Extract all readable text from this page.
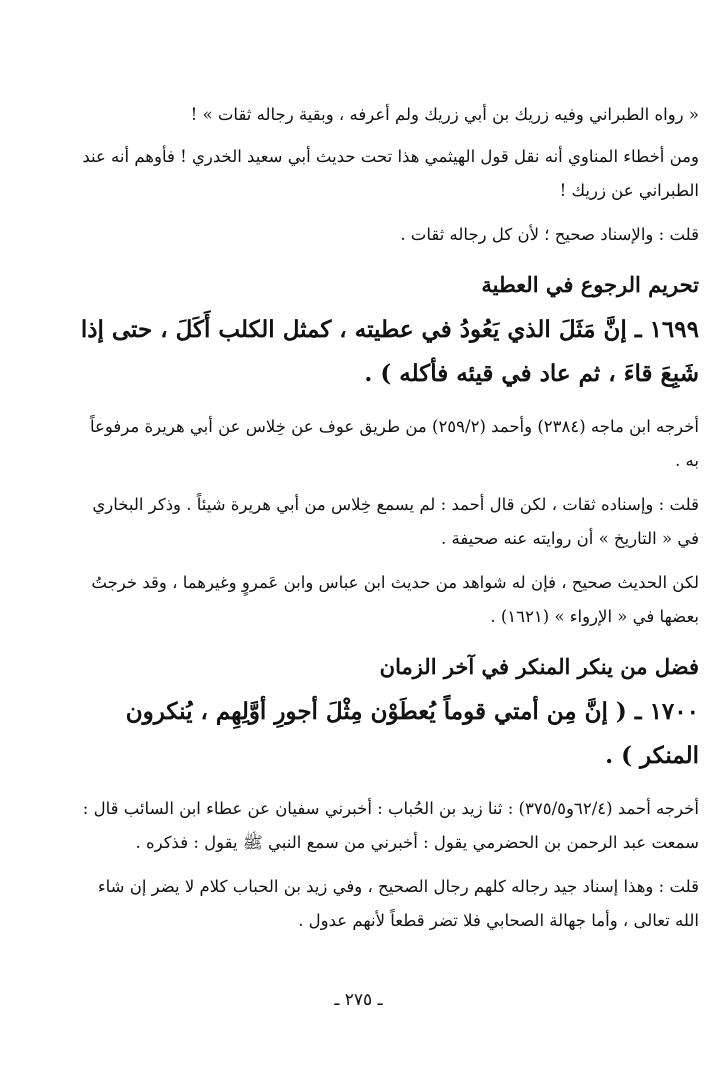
« رواه الطبراني وفيه زريك بن أبي زريك ولم أعرفه ، وبقية رجاله ثقات » !

ومن أخطاء المناوي أنه نقل قول الهيثمي هذا تحت حديث أبي سعيد الخدري ! فأوهم أنه عند الطبراني عن زريك !

قلت : والإسناد صحيح ؛ لأن كل رجاله ثقات .

تحريم الرجوع في العطية

١٦٩٩ ـ إنَّ مَثَلَ الذي يَعُودُ في عطيته ، كمثل الكلب أَكَلَ ، حتى إذا شَبِعَ قاءَ ، ثم عاد في قيئه فأكله ) .

أخرجه ابن ماجه (٢٣٨٤) وأحمد (٢٥٩/٢) من طريق عوف عن خِلاس عن أبي هريرة مرفوعاً به .

قلت : وإسناده ثقات ، لكن قال أحمد : لم يسمع خِلاس من أبي هريرة شيئاً . وذكر البخاري في « التاريخ » أن روايته عنه صحيفة .

لكن الحديث صحيح ، فإن له شواهد من حديث ابن عباس وابن عَمروٍ وغيرهما ، وقد خرجتُ بعضها في « الإرواء » (١٦٢١) .

فضل من ينكر المنكر في آخر الزمان

١٧٠٠ ـ ( إنَّ مِن أمتي قوماً يُعطَوْن مِثْلَ أجورِ أوَّلِهِم ، يُنكرون المنكر ) .

أخرجه أحمد (٦٢/٤و٣٧٥/٥) : ثنا زيد بن الحُباب : أخبرني سفيان عن عطاء ابن السائب قال : سمعت عبد الرحمن بن الحضرمي يقول : أخبرني من سمع النبي ﷺ يقول : فذكره .

قلت : وهذا إسناد جيد رجاله كلهم رجال الصحيح ، وفي زيد بن الحباب كلام لا يضر إن شاء الله تعالى ، وأما جهالة الصحابي فلا تضر قطعاً لأنهم عدول .

ـ ٢٧٥ ـ
